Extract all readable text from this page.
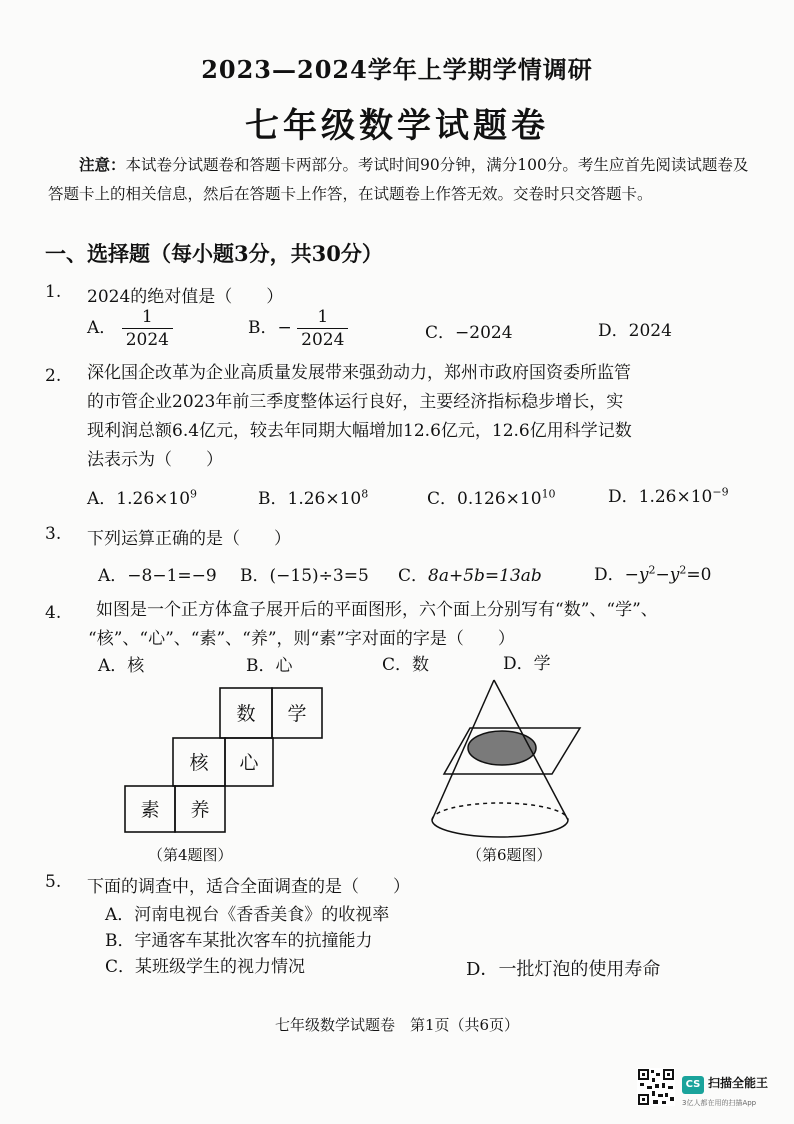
2023—2024学年上学期学情调研
七年级数学试题卷
注意：本试卷分试题卷和答题卡两部分。考试时间90分钟，满分100分。考生应首先阅读试题卷及答题卡上的相关信息，然后在答题卡上作答，在试题卷上作答无效。交卷时只交答题卡。
一、选择题（每小题3分，共30分）
1.	2024的绝对值是（　　）
A． $\frac{1}{2024}$	B．− $\frac{1}{2024}$	C．−2024	D．2024
2.	深化国企改革为企业高质量发展带来强劲动力，郑州市政府国资委所监管
的市管企业2023年前三季度整体运行良好，主要经济指标稳步增长，实
现利润总额6.4亿元，较去年同期大幅增加12.6亿元，12.6亿用科学记数
法表示为（　　）
A．$1.26\times 10^9$	B．$1.26\times 10^8$	C．$0.126\times 10^{10}$	D．$1.26\times 10^{-9}$
3.	下列运算正确的是（　　）
A．−8−1=−9 B．(−15)÷3=5 C．8a+5b=13ab	D．$-y^2-y^2=0$
4.	如图是一个正方体盒子展开后的平面图形，六个面上分别写有“数”、“学”、
“核”、“心”、“素”、“养”，则“素”字对面的字是（　　）
A．核	B．心	C．数	D．学
数 学
核 心
素 养
（第4题图）	（第6题图）
5.	下面的调查中，适合全面调查的是（　　）
A．河南电视台《香香美食》的收视率
B．宇通客车某批次客车的抗撞能力
C．某班级学生的视力情况	D．一批灯泡的使用寿命
七年级数学试题卷　第1页（共6页）
CS 扫描全能王
3亿人都在用的扫描App
